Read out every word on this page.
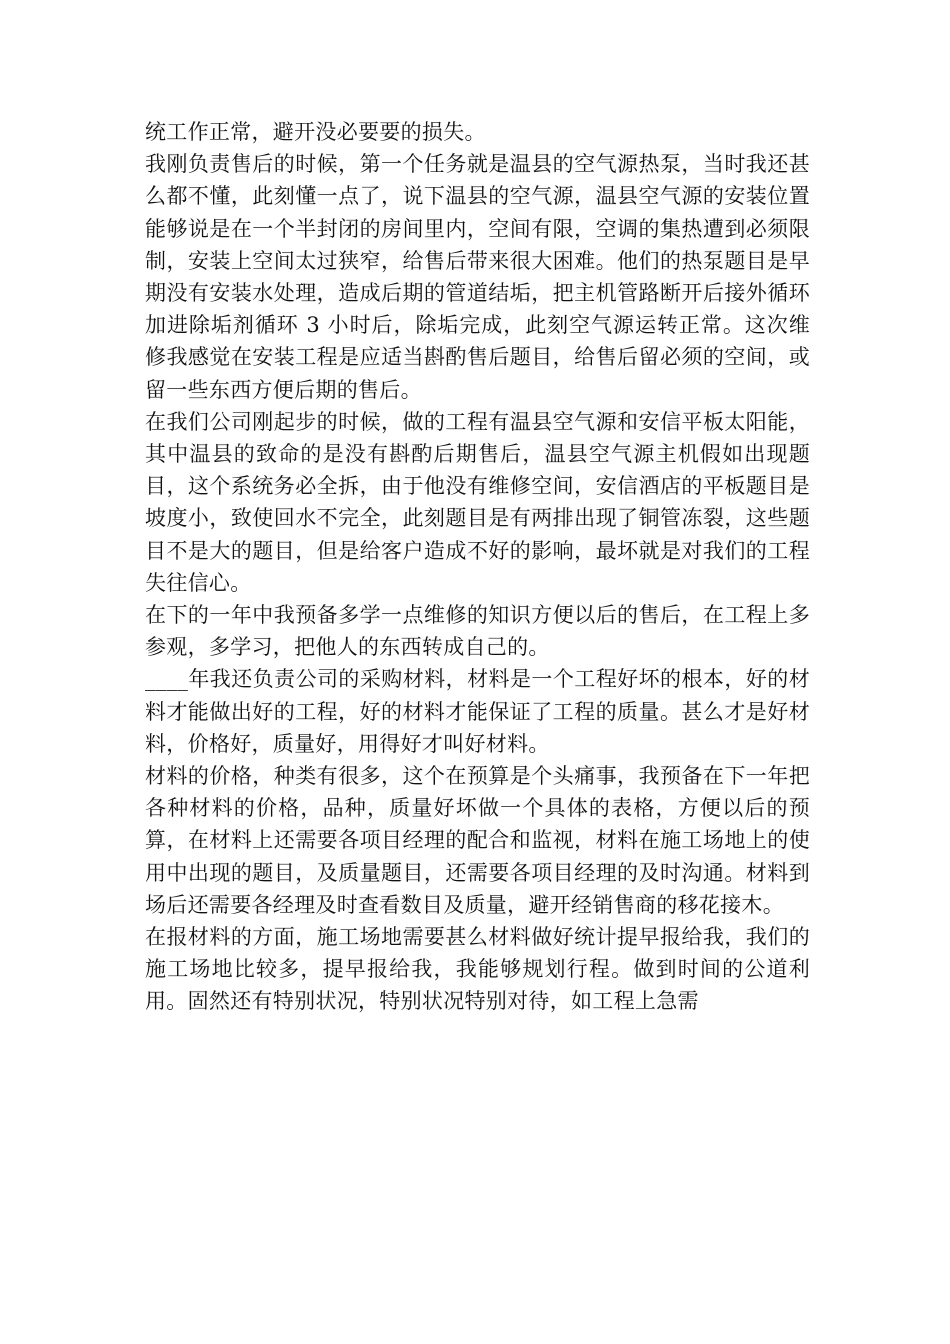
统工作正常，避开没必要要的损失。

我刚负责售后的时候，第一个任务就是温县的空气源热泵，当时我还甚么都不懂，此刻懂一点了，说下温县的空气源，温县空气源的安装位置能够说是在一个半封闭的房间里内，空间有限，空调的集热遭到必须限制，安装上空间太过狭窄，给售后带来很大困难。他们的热泵题目是早期没有安装水处理，造成后期的管道结垢，把主机管路断开后接外循环加进除垢剂循环 3 小时后，除垢完成，此刻空气源运转正常。这次维修我感觉在安装工程是应适当斟酌售后题目，给售后留必须的空间，或留一些东西方便后期的售后。

在我们公司刚起步的时候，做的工程有温县空气源和安信平板太阳能，其中温县的致命的是没有斟酌后期售后，温县空气源主机假如出现题目，这个系统务必全拆，由于他没有维修空间，安信酒店的平板题目是坡度小，致使回水不完全，此刻题目是有两排出现了铜管冻裂，这些题目不是大的题目，但是给客户造成不好的影响，最坏就是对我们的工程失往信心。

在下的一年中我预备多学一点维修的知识方便以后的售后，在工程上多参观，多学习，把他人的东西转成自己的。

____年我还负责公司的采购材料，材料是一个工程好坏的根本，好的材料才能做出好的工程，好的材料才能保证了工程的质量。甚么才是好材料，价格好，质量好，用得好才叫好材料。

材料的价格，种类有很多，这个在预算是个头痛事，我预备在下一年把各种材料的价格，品种，质量好坏做一个具体的表格，方便以后的预算，在材料上还需要各项目经理的配合和监视，材料在施工场地上的使用中出现的题目，及质量题目，还需要各项目经理的及时沟通。材料到场后还需要各经理及时查看数目及质量，避开经销售商的移花接木。

在报材料的方面，施工场地需要甚么材料做好统计提早报给我，我们的施工场地比较多，提早报给我，我能够规划行程。做到时间的公道利用。固然还有特别状况，特别状况特别对待，如工程上急需
